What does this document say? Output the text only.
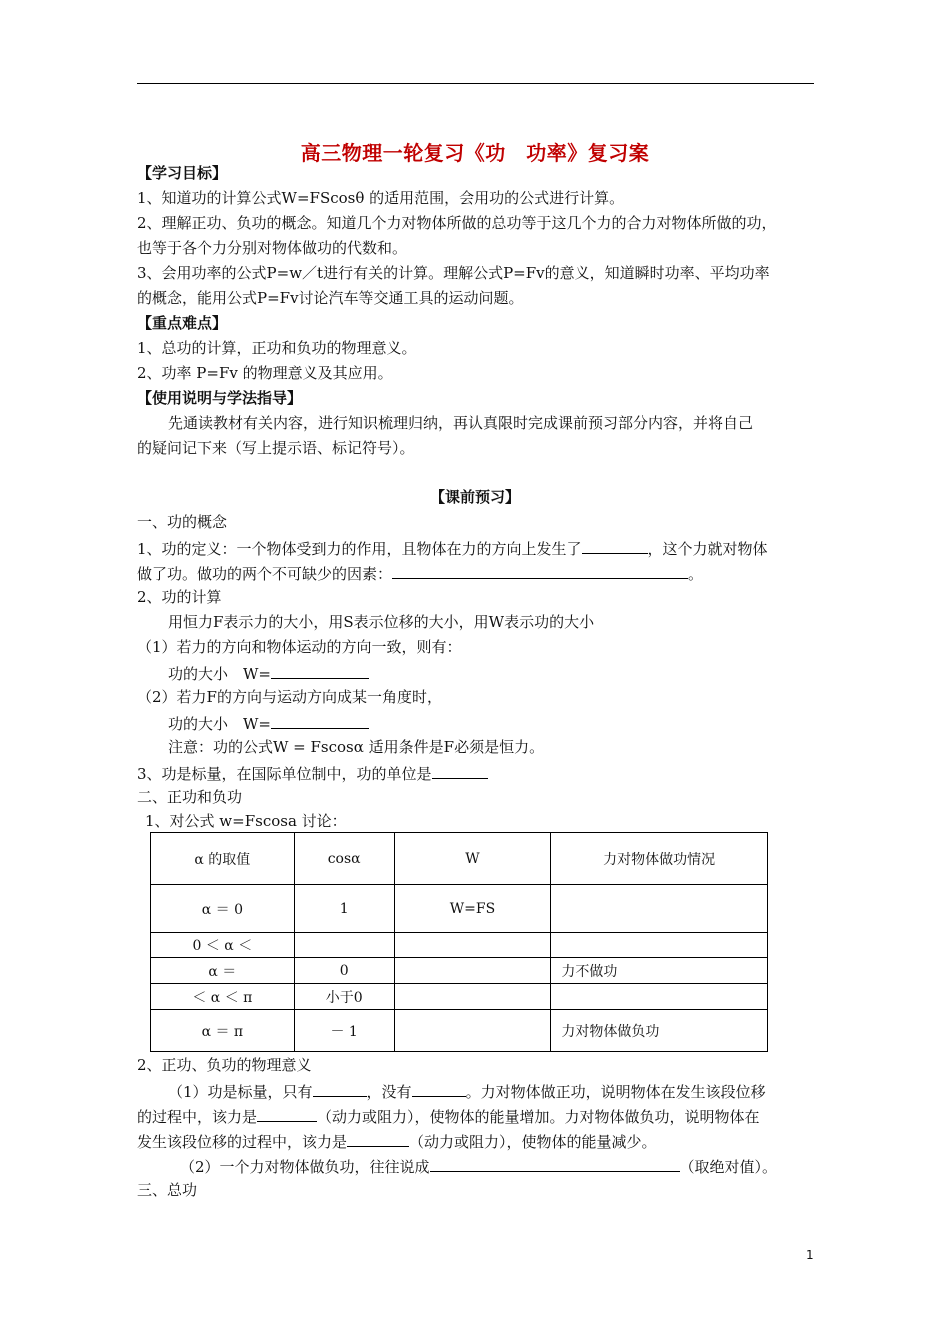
高三物理一轮复习《功　功率》复习案
【学习目标】
1、知道功的计算公式W=FScosθ 的适用范围，会用功的公式进行计算。
2、理解正功、负功的概念。知道几个力对物体所做的总功等于这几个力的合力对物体所做的功，
也等于各个力分别对物体做功的代数和。
3、会用功率的公式P=w／t进行有关的计算。理解公式P=Fv的意义，知道瞬时功率、平均功率
的概念，能用公式P=Fv讨论汽车等交通工具的运动问题。
【重点难点】
1、总功的计算，正功和负功的物理意义。
2、功率 P=Fv 的物理意义及其应用。
【使用说明与学法指导】
先通读教材有关内容，进行知识梳理归纳，再认真限时完成课前预习部分内容，并将自己
的疑问记下来（写上提示语、标记符号）。
【课前预习】
一、功的概念
1、功的定义：一个物体受到力的作用，且物体在力的方向上发生了	，这个力就对物体
做了功。做功的两个不可缺少的因素：	。
2、功的计算
用恒力F表示力的大小，用S表示位移的大小，用W表示功的大小
（1）若力的方向和物体运动的方向一致，则有：
功的大小　W=
（2）若力F的方向与运动方向成某一角度时，
功的大小　W=
注意：功的公式W = Fscosα 适用条件是F必须是恒力。
3、功是标量，在国际单位制中，功的单位是
二、正功和负功
1、对公式 w=Fscosa 讨论：
α 的取值	cosα	W	力对物体做功情况
α ＝ 0	1	W=FS	
0 ＜ α ＜			
α ＝	0		力不做功
＜ α ＜ π	小于0		
α ＝ π	－ 1		力对物体做负功
2、正功、负功的物理意义
（1）功是标量，只有	，没有	。力对物体做正功，说明物体在发生该段位移
的过程中，该力是	（动力或阻力），使物体的能量增加。力对物体做负功，说明物体在
发生该段位移的过程中，该力是	（动力或阻力），使物体的能量减少。
（2）一个力对物体做负功，往往说成	（取绝对值）。
三、总功
1
